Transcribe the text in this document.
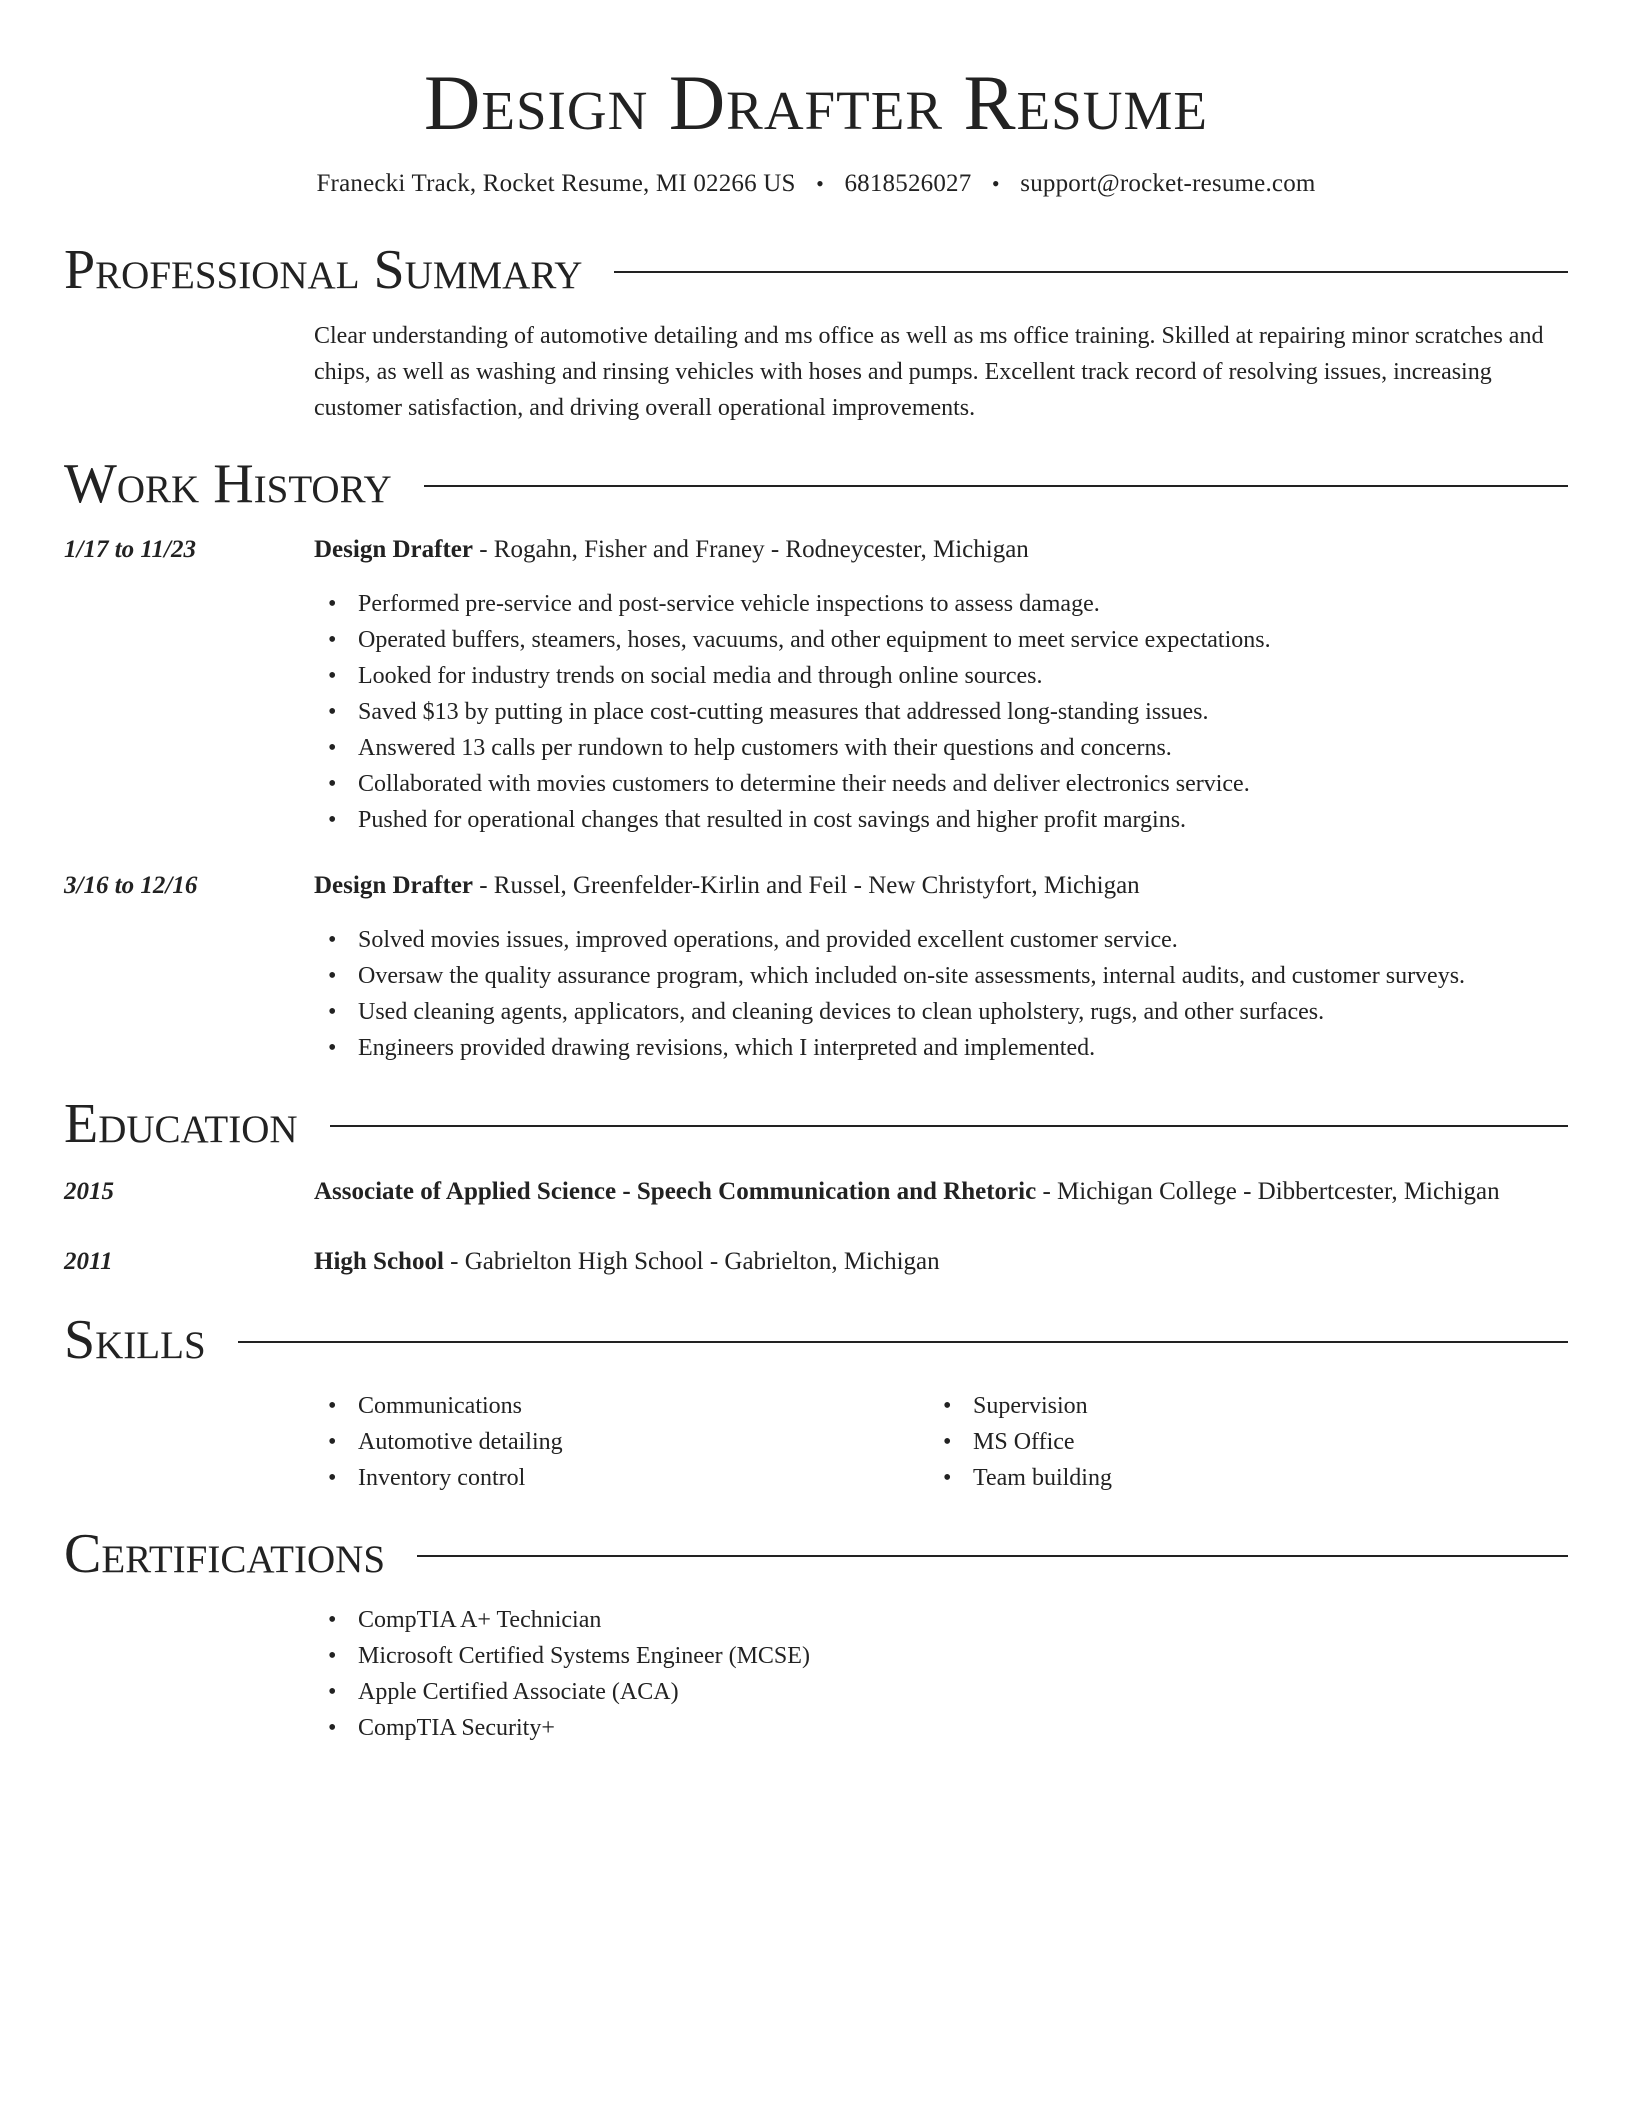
Design Drafter Resume
Franecki Track, Rocket Resume, MI 02266 US • 6818526027 • support@rocket-resume.com
Professional Summary
Clear understanding of automotive detailing and ms office as well as ms office training. Skilled at repairing minor scratches and chips, as well as washing and rinsing vehicles with hoses and pumps. Excellent track record of resolving issues, increasing customer satisfaction, and driving overall operational improvements.
Work History
1/17 to 11/23	Design Drafter - Rogahn, Fisher and Franey - Rodneycester, Michigan
• Performed pre-service and post-service vehicle inspections to assess damage.
• Operated buffers, steamers, hoses, vacuums, and other equipment to meet service expectations.
• Looked for industry trends on social media and through online sources.
• Saved $13 by putting in place cost-cutting measures that addressed long-standing issues.
• Answered 13 calls per rundown to help customers with their questions and concerns.
• Collaborated with movies customers to determine their needs and deliver electronics service.
• Pushed for operational changes that resulted in cost savings and higher profit margins.
3/16 to 12/16	Design Drafter - Russel, Greenfelder-Kirlin and Feil - New Christyfort, Michigan
• Solved movies issues, improved operations, and provided excellent customer service.
• Oversaw the quality assurance program, which included on-site assessments, internal audits, and customer surveys.
• Used cleaning agents, applicators, and cleaning devices to clean upholstery, rugs, and other surfaces.
• Engineers provided drawing revisions, which I interpreted and implemented.
Education
2015	Associate of Applied Science - Speech Communication and Rhetoric - Michigan College - Dibbertcester, Michigan
2011	High School - Gabrielton High School - Gabrielton, Michigan
Skills
• Communications
• Automotive detailing
• Inventory control
• Supervision
• MS Office
• Team building
Certifications
• CompTIA A+ Technician
• Microsoft Certified Systems Engineer (MCSE)
• Apple Certified Associate (ACA)
• CompTIA Security+
